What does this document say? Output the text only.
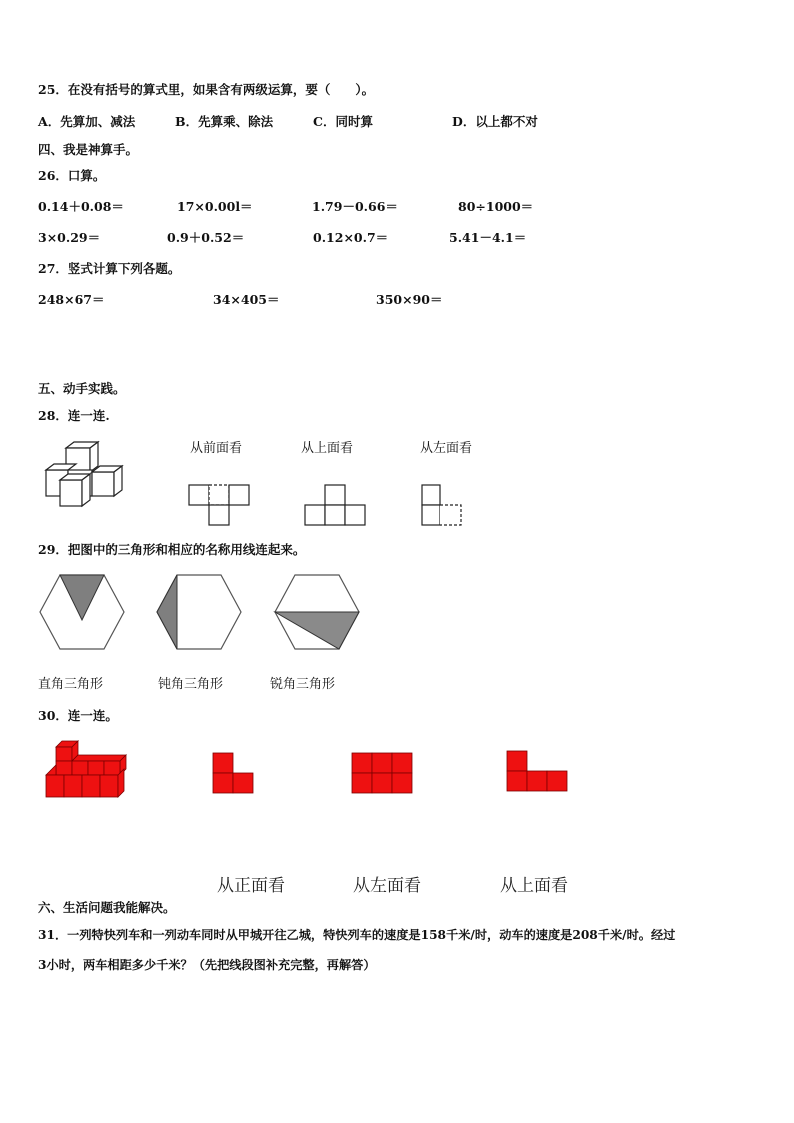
25．在没有括号的算式里，如果含有两级运算，要（　　）。
A．先算加、减法	B．先算乘、除法	C．同时算	D．以上都不对
四、我是神算手。
26．口算。
0.14＋0.08＝	17×0.00l＝	1.79－0.66＝	80÷1000＝
3×0.29＝	0.9＋0.52＝	0.12×0.7＝	5.41－4.1＝
27．竖式计算下列各题。
248×67＝	34×405＝	350×90＝
五、动手实践。
28．连一连.
从前面看	从上面看	从左面看
29．把图中的三角形和相应的名称用线连起来。
直角三角形	钝角三角形	锐角三角形
30．连一连。
从正面看	从左面看	从上面看
六、生活问题我能解决。
31．一列特快列车和一列动车同时从甲城开往乙城，特快列车的速度是158千米/时，动车的速度是208千米/时。经过
3小时，两车相距多少千米？（先把线段图补充完整，再解答）
